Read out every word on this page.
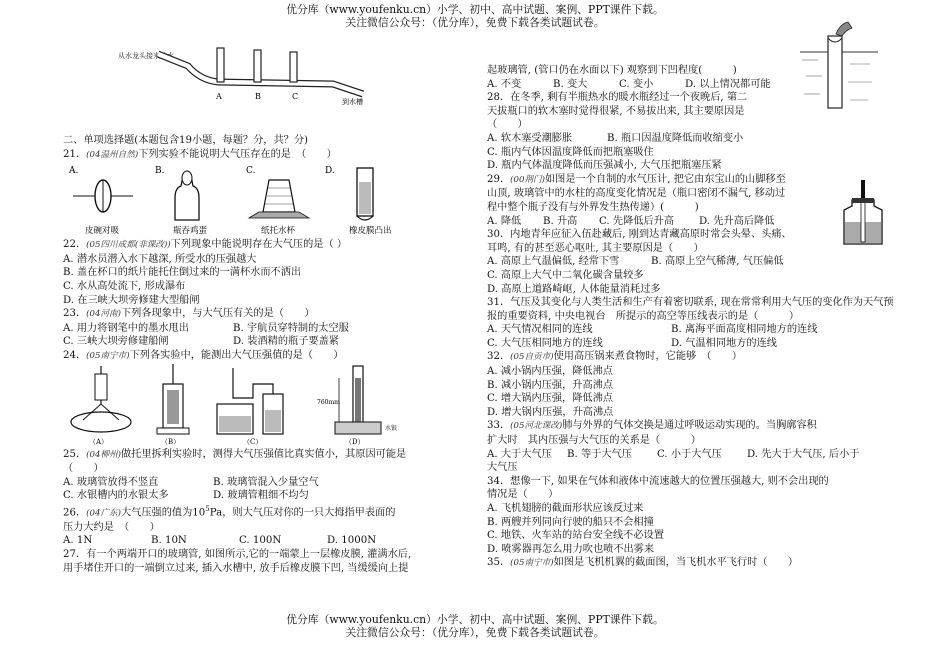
优分库（www.youfenku.cn）小学、初中、高中试题、案例、PPT课件下载。
关注微信公众号：（优分库），免费下载各类试题试卷。
从水龙头接来的水
A	B	C
到水槽

二、单项选择题(本题包含19小题，每题？分，共？分)

21．(04温州自然)下列实验不能说明大气压存在的是　（　　）

A.
皮碗对吸
B.
瓶吞鸡蛋
C.
纸托水杯
D.
橡皮膜凸出

22．(05四川成都(非课改))下列现象中能说明存在大气压的是（ ）

A. 潜水员潜入水下越深, 所受水的压强越大

B. 盖在杯口的纸片能托住倒过来的一满杯水而不洒出

C. 水从高处流下, 形成瀑布

D. 在三峡大坝旁修建大型船闸

23．(04河南)下列各现象中，与大气压有关的是（　　）

A. 用力将钢笔中的墨水甩出	B. 宇航员穿特制的太空服

C. 三峡大坝旁修建船闸	D. 装酒精的瓶子要盖紧

24．(05南宁市)下列各实验中，能测出大气压强值的是（　　）

（A）	（B）	（C）
760mm
水银
（D）

25．(04柳州)做托里拆利实验时，测得大气压强值比真实值小，其原因可能是

（　　）

A. 玻璃管放得不竖直	B. 玻璃管混入少量空气

C. 水银槽内的水银太多	D. 玻璃管粗细不均匀

26．(04广东)大气压强的值为$10^5Pa$，则大气压对你的一只大拇指甲表面的

压力大约是　（　　）

A. 1N	B. 10N	C. 100N	D. 1000N

27．有一个两端开口的玻璃管, 如图所示,它的一端蒙上一层橡皮膜, 灌满水后,

用手堵住开口的一端倒立过来, 插入水槽中, 放手后橡皮膜下凹, 当缓缓向上提

起玻璃管, (管口仍在水面以下) 观察到下凹程度(　　　)

A. 不变	B. 变大	C. 变小	D. 以上情况都可能

28．在冬季, 剩有半瓶热水的暖水瓶经过一个夜晚后, 第二

天拔瓶口的软木塞时觉得很紧, 不易拔出来, 其主要原因是

（　　）

A. 软木塞受潮膨胀	B. 瓶口因温度降低而收缩变小

C. 瓶内气体因温度降低而把瓶塞吸住

D. 瓶内气体温度降低而压强减小, 大气压把瓶塞压紧

29．(00荆门)如图是一个自制的水气压计, 把它由东宝山的山脚移至

山顶, 玻璃管中的水柱的高度变化情况是（瓶口密闭不漏气, 移动过

程中整个瓶子没有与外界发生热传递）(　　　)

A. 降低 B. 升高 C. 先降低后升高 D. 先升高后降低

30．内地青年应征入伍赴藏后, 刚到达青藏高原时常会头晕、头痛、

耳鸣, 有的甚至恶心呕吐, 其主要原因是（　　）

A. 高原上气温偏低, 经常下雪	B. 高原上空气稀薄, 气压偏低

C. 高原上大气中二氧化碳含量较多

D. 高原上道路崎岖, 人体能量消耗过多

31．气压及其变化与人类生活和生产有着密切联系, 现在常常利用大气压的变化作为天气预

报的重要资料, 中央电视台　所提示的高空等压线表示的是（　　　）

A. 天气情况相同的连线	B. 离海平面高度相同地方的连线

C. 大气压相同地方的连线	D. 气温相同地方的连线

32．(05自贡市)使用高压锅来煮食物时，它能够　（　　）

A. 减小锅内压强，降低沸点

B. 减小锅内压强，升高沸点

C. 增大锅内压强，降低沸点

D. 增大锅内压强，升高沸点

33．(05河北课改)肺与外界的气体交换是通过呼吸运动实现的。当胸廓容积

扩大时　其内压强与大气压的关系是（　　　）

A. 大于大气压 B. 等于大气压 C. 小于大气压 D. 先大于大气压, 后小于

大气压

34．想像一下, 如果在气体和液体中流速越大的位置压强越大, 则不会出现的

情况是（　　）

A. 飞机翅膀的截面形状应该反过来

B. 两艘并列同向行驶的船只不会相撞

C. 地铁、火车站的站台安全线不必设置

D. 喷雾器再怎么用力吹也喷不出雾来

35．(05南宁市)如图是飞机机翼的截面图，当飞机水平飞行时（　　）

优分库（www.youfenku.cn）小学、初中、高中试题、案例、PPT课件下载。
关注微信公众号：（优分库），免费下载各类试题试卷。
